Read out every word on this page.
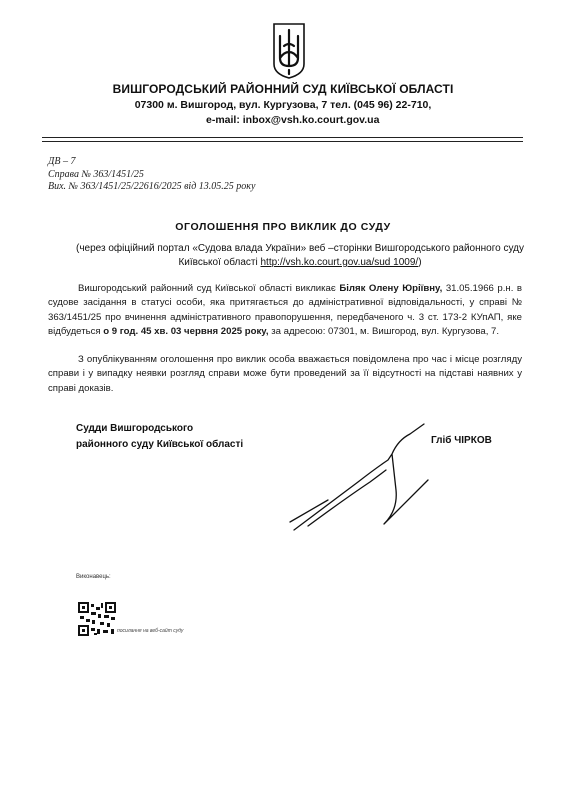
ВИШГОРОДСЬКИЙ РАЙОННИЙ СУД КИЇВСЬКОЇ ОБЛАСТІ
07300 м. Вишгород, вул. Кургузова, 7 тел. (045 96) 22-710,
e-mail: inbox@vsh.ko.court.gov.ua
ДВ – 7
Справа № 363/1451/25
Вих. № 363/1451/25/22616/2025 від 13.05.25 року
ОГОЛОШЕННЯ ПРО ВИКЛИК ДО СУДУ
(через офіційний портал «Судова влада України» веб –сторінки Вишгородського районного суду Київської області http://vsh.ko.court.gov.ua/sud 1009/)

Вишгородський районний суд Київської області викликає Біляк Олену Юріївну, 31.05.1966 р.н. в судове засідання в статусі особи, яка притягається до адміністративної відповідальності, у справі № 363/1451/25 про вчинення адміністративного правопорушення, передбаченого ч. 3 ст. 173-2 КУпАП, яке відбудеться о 9 год. 45 хв. 03 червня 2025 року, за адресою: 07301, м. Вишгород, вул. Кургузова, 7.

З опублікуванням оголошення про виклик особа вважається повідомлена про час і місце розгляду справи і у випадку неявки розгляд справи може бути проведений за її відсутності на підставі наявних у справі доказів.

Судди Вишгородського
районного суду Київської області	Гліб ЧІРКОВ
Виконавець:
посилання на веб-сайт суду
